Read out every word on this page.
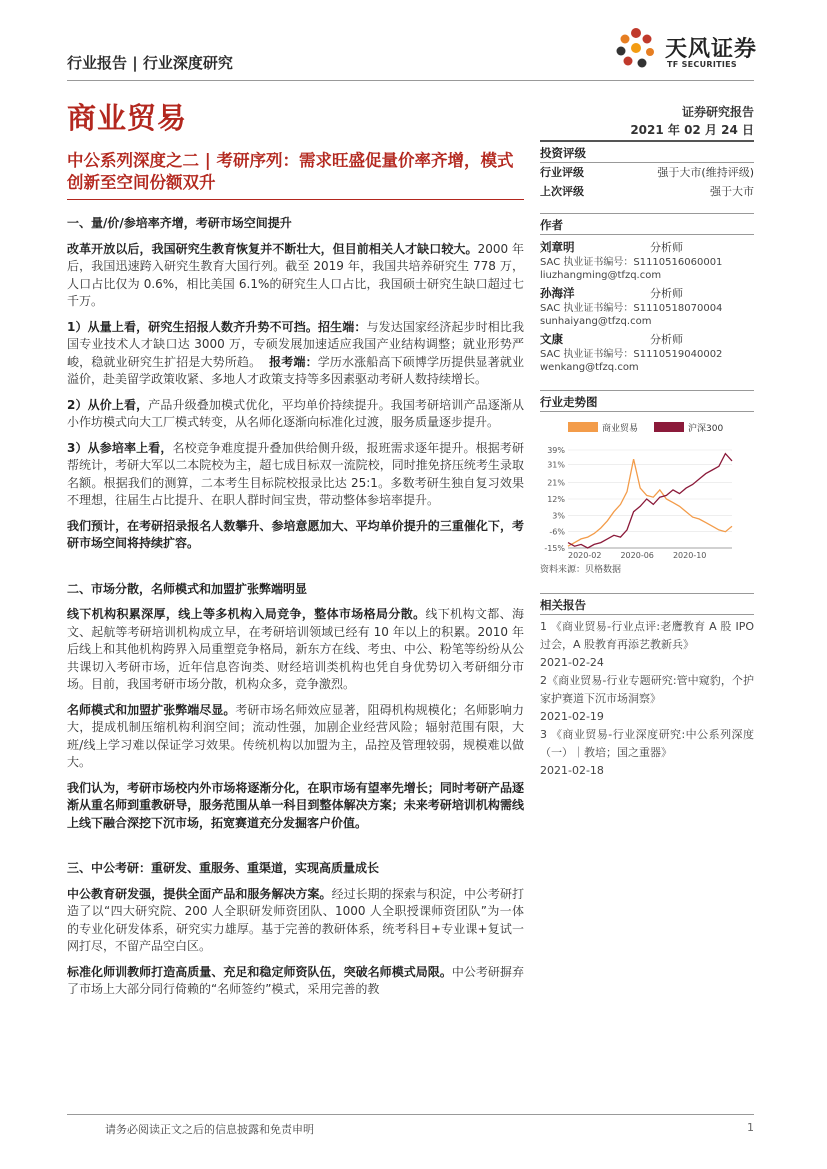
行业报告 | 行业深度研究
天风证券
TF SECURITIES
商业贸易	证券研究报告
2021 年 02 月 24 日
中公系列深度之二 | 考研序列：需求旺盛促量价率齐增，模式创新至空间份额双升
一、量/价/参培率齐增，考研市场空间提升

改革开放以后，我国研究生教育恢复并不断壮大，但目前相关人才缺口较大。2000 年后，我国迅速跨入研究生教育大国行列。截至 2019 年，我国共培养研究生 778 万，人口占比仅为 0.6%，相比美国 6.1%的研究生人口占比，我国硕士研究生缺口超过七千万。

1）从量上看，研究生招报人数齐升势不可挡。招生端：与发达国家经济起步时相比我国专业技术人才缺口达 3000 万，专硕发展加速适应我国产业结构调整；就业形势严峻，稳就业研究生扩招是大势所趋。 报考端：学历水涨船高下硕博学历提供显著就业溢价，赴美留学政策收紧、多地人才政策支持等多因素驱动考研人数持续增长。

2）从价上看，产品升级叠加模式优化，平均单价持续提升。我国考研培训产品逐渐从小作坊模式向大工厂模式转变，从名师化逐渐向标准化过渡，服务质量逐步提升。

3）从参培率上看，名校竞争难度提升叠加供给侧升级，报班需求逐年提升。根据考研帮统计，考研大军以二本院校为主，超七成目标双一流院校，同时推免挤压统考生录取名额。根据我们的测算，二本考生目标院校报录比达 25:1。多数考研生独自复习效果不理想，往届生占比提升、在职人群时间宝贵，带动整体参培率提升。

我们预计，在考研招录报名人数攀升、参培意愿加大、平均单价提升的三重催化下，考研市场空间将持续扩容。

二、市场分散，名师模式和加盟扩张弊端明显

线下机构积累深厚，线上等多机构入局竞争，整体市场格局分散。线下机构文都、海文、起航等考研培训机构成立早，在考研培训领域已经有 10 年以上的积累。2010 年后线上和其他机构跨界入局重塑竞争格局，新东方在线、考虫、中公、粉笔等纷纷从公共课切入考研市场，近年信息咨询类、财经培训类机构也凭自身优势切入考研细分市场。目前，我国考研市场分散，机构众多，竞争激烈。

名师模式和加盟扩张弊端尽显。考研市场名师效应显著，阻碍机构规模化；名师影响力大，提成机制压缩机构利润空间；流动性强，加剧企业经营风险；辐射范围有限，大班/线上学习难以保证学习效果。传统机构以加盟为主，品控及管理较弱，规模难以做大。

我们认为，考研市场校内外市场将逐渐分化，在职市场有望率先增长；同时考研产品逐渐从重名师到重教研导，服务范围从单一科目到整体解决方案；未来考研培训机构需线上线下融合深挖下沉市场，拓宽赛道充分发掘客户价值。

三、中公考研：重研发、重服务、重渠道，实现高质量成长

中公教育研发强，提供全面产品和服务解决方案。经过长期的探索与积淀，中公考研打造了以“四大研究院、200 人全职研发师资团队、1000 人全职授课师资团队”为一体的专业化研发体系，研究实力雄厚。基于完善的教研体系，统考科目+专业课+复试一网打尽，不留产品空白区。

标准化师训教师打造高质量、充足和稳定师资队伍，突破名师模式局限。中公考研摒弃了市场上大部分同行倚赖的“名师签约”模式，采用完善的教

投资评级
行业评级	强于大市(维持评级)
上次评级	强于大市
作者
刘章明	分析师
SAC 执业证书编号：S1110516060001
liuzhangming@tfzq.com
孙海洋	分析师
SAC 执业证书编号：S1110518070004
sunhaiyang@tfzq.com
文康	分析师
SAC 执业证书编号：S1110519040002
wenkang@tfzq.com
行业走势图
商业贸易	沪深300
39%
31%
21%
12%
3%
-6%
-15%
2020-02 2020-06 2020-10
资料来源：贝格数据
相关报告
1 《商业贸易-行业点评:老鹰教育 A 股 IPO 过会，A 股教育再添艺教新兵》
2021-02-24
2《商业贸易-行业专题研究:管中窥豹，个护家护赛道下沉市场洞察》
2021-02-19
3 《商业贸易-行业深度研究:中公系列深度（一）｜教培；国之重器》
2021-02-18
请务必阅读正文之后的信息披露和免责申明	1
